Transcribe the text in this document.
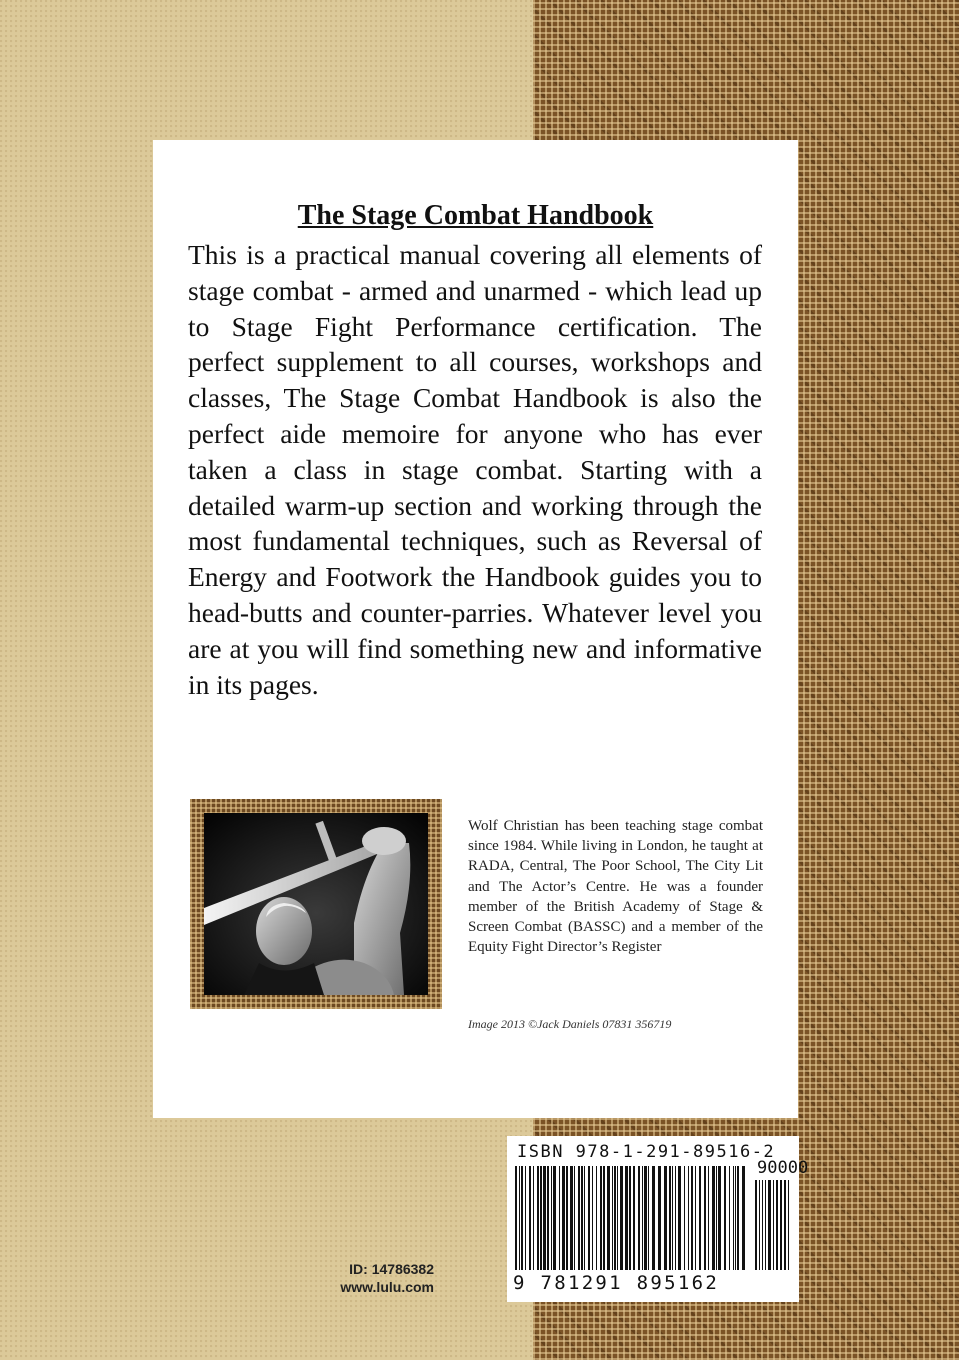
The Stage Combat Handbook

This is a practical manual covering all elements of stage combat - armed and unarmed - which lead up to Stage Fight Performance certification. The perfect supplement to all courses, workshops and classes, The Stage Combat Handbook is also the perfect aide memoire for anyone who has ever taken a class in stage combat. Starting with a detailed warm-up section and working through the most fundamental techniques, such as Reversal of Energy and Footwork the Handbook guides you to head-butts and counter-parries. Whatever level you are at you will find something new and informative in its pages.

Wolf Christian has been teaching stage combat since 1984. While living in London, he taught at RADA, Central, The Poor School, The City Lit and The Actor’s Centre. He was a founder member of the British Academy of Stage & Screen Combat (BASSC) and a member of the Equity Fight Director’s Register

Image 2013 ©Jack Daniels 07831 356719

ISBN 978-1-291-89516-2

90000

9 781291 895162

ID: 14786382
www.lulu.com
